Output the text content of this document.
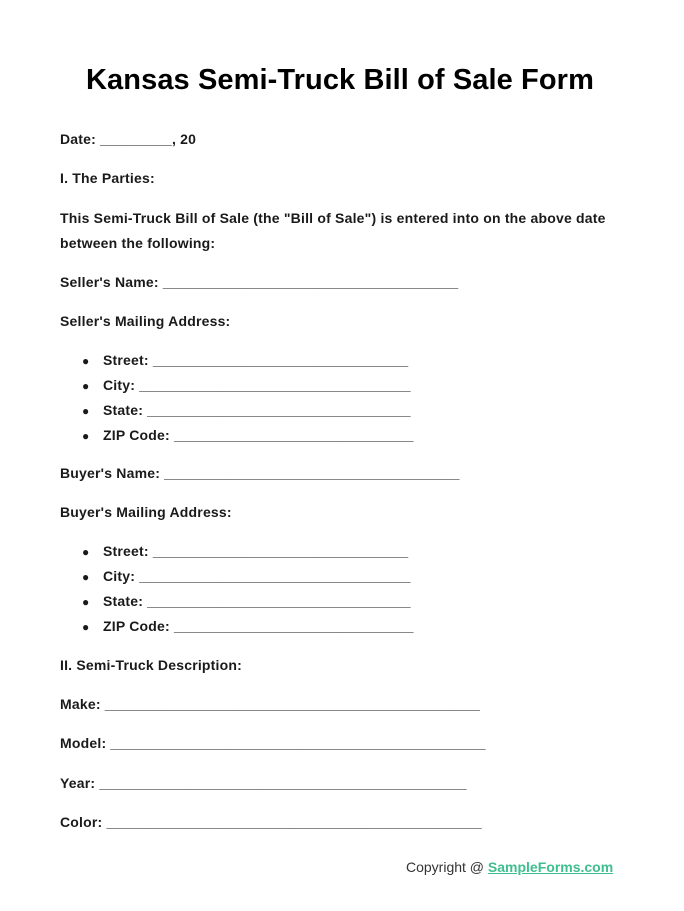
Kansas Semi-Truck Bill of Sale Form
Date: _________, 20
I. The Parties:
This Semi-Truck Bill of Sale (the "Bill of Sale") is entered into on the above date between the following:
Seller's Name: _____________________________________
Seller's Mailing Address:
● Street: ________________________________
● City: __________________________________
● State: _________________________________
● ZIP Code: ______________________________
Buyer's Name: _____________________________________
Buyer's Mailing Address:
● Street: ________________________________
● City: __________________________________
● State: _________________________________
● ZIP Code: ______________________________
II. Semi-Truck Description:
Make: _______________________________________________
Model: _______________________________________________
Year: ______________________________________________
Color: _______________________________________________
Copyright @ SampleForms.com
